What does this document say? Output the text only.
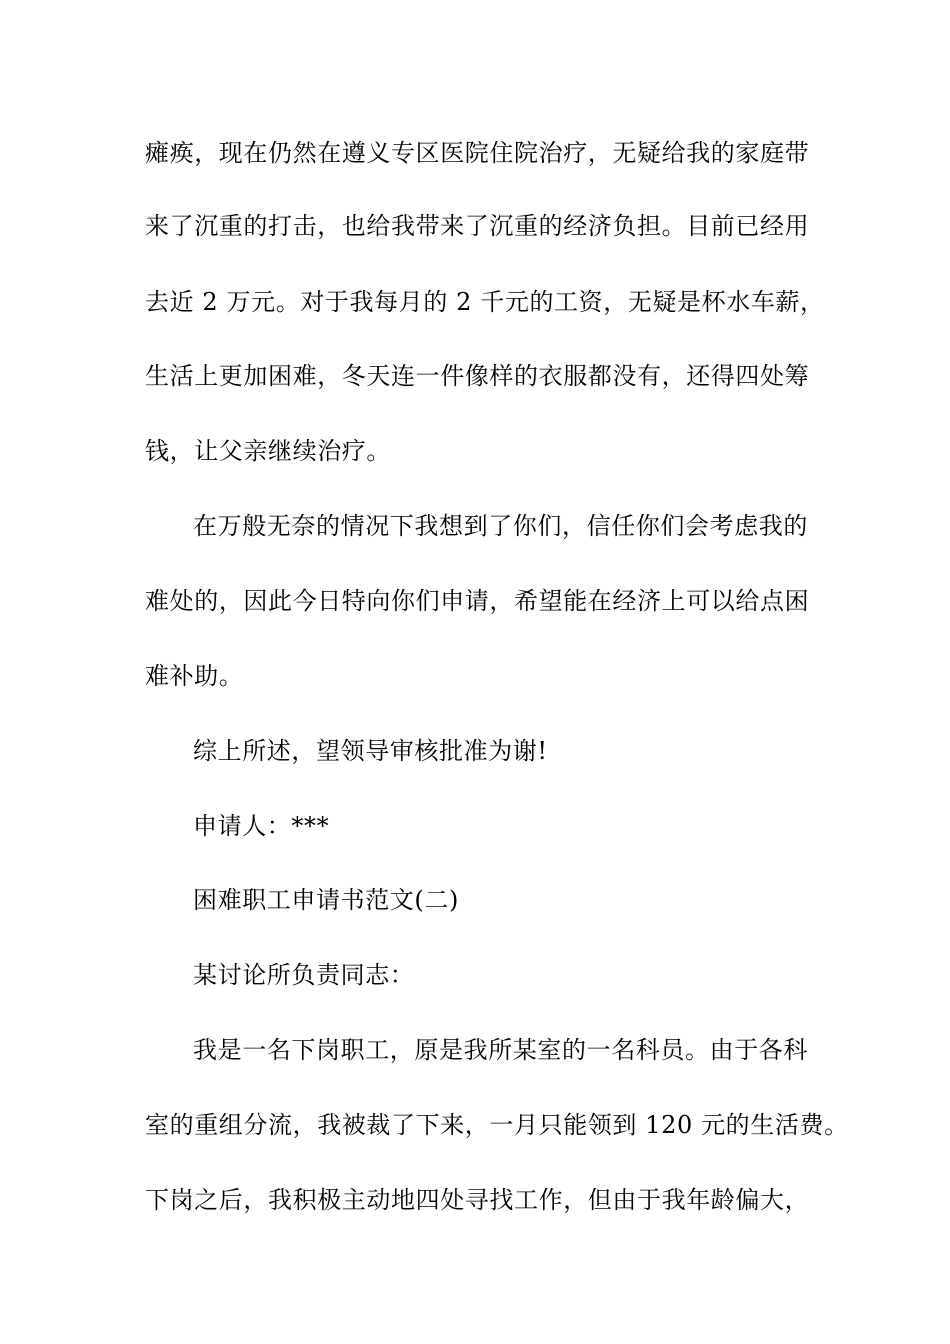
瘫痪，现在仍然在遵义专区医院住院治疗，无疑给我的家庭带
来了沉重的打击，也给我带来了沉重的经济负担。目前已经用
去近 2 万元。对于我每月的 2 千元的工资，无疑是杯水车薪，
生活上更加困难，冬天连一件像样的衣服都没有，还得四处筹
钱，让父亲继续治疗。
在万般无奈的情况下我想到了你们，信任你们会考虑我的
难处的，因此今日特向你们申请，希望能在经济上可以给点困
难补助。
综上所述，望领导审核批准为谢!
申请人：***
困难职工申请书范文(二)
某讨论所负责同志：
我是一名下岗职工，原是我所某室的一名科员。由于各科
室的重组分流，我被裁了下来，一月只能领到 120 元的生活费。
下岗之后，我积极主动地四处寻找工作，但由于我年龄偏大，
